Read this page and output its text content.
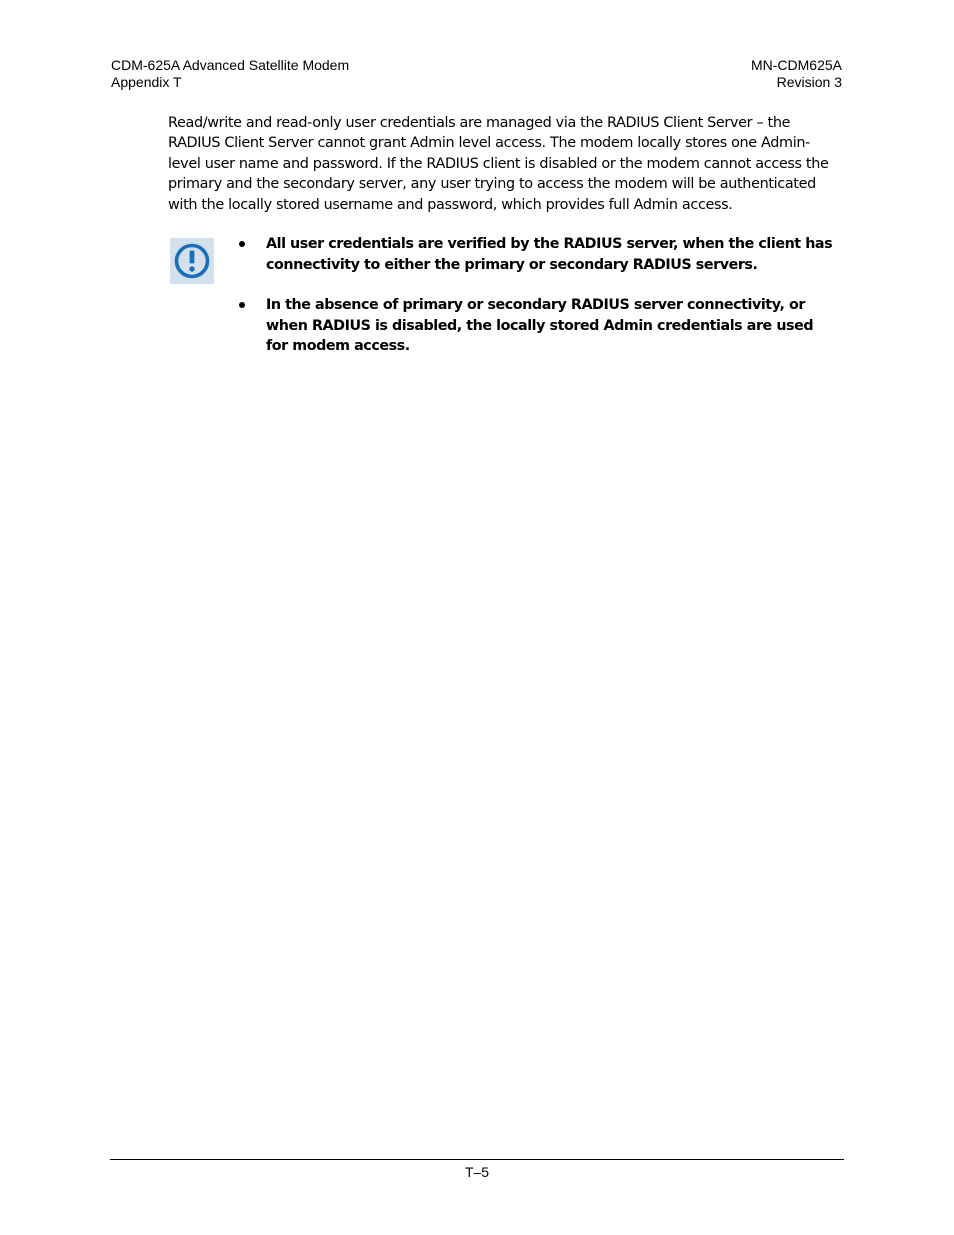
CDM-625A Advanced Satellite Modem
Appendix T
MN-CDM625A
Revision 3

Read/write and read-only user credentials are managed via the RADIUS Client Server – the RADIUS Client Server cannot grant Admin level access. The modem locally stores one Admin-level user name and password. If the RADIUS client is disabled or the modem cannot access the primary and the secondary server, any user trying to access the modem will be authenticated with the locally stored username and password, which provides full Admin access.

All user credentials are verified by the RADIUS server, when the client has connectivity to either the primary or secondary RADIUS servers.
In the absence of primary or secondary RADIUS server connectivity, or when RADIUS is disabled, the locally stored Admin credentials are used for modem access.
T–5
